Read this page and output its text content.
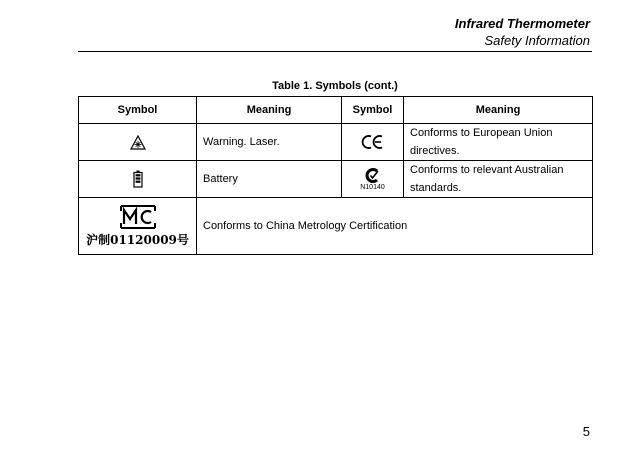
Infrared Thermometer
Safety Information
Table 1. Symbols (cont.)
Symbol	Meaning	Symbol	Meaning

	Warning. Laser.		Conforms to European Union directives.

	Battery	N10140	Conforms to relevant Australian standards.

沪制01120009号	Conforms to China Metrology Certification		
5
